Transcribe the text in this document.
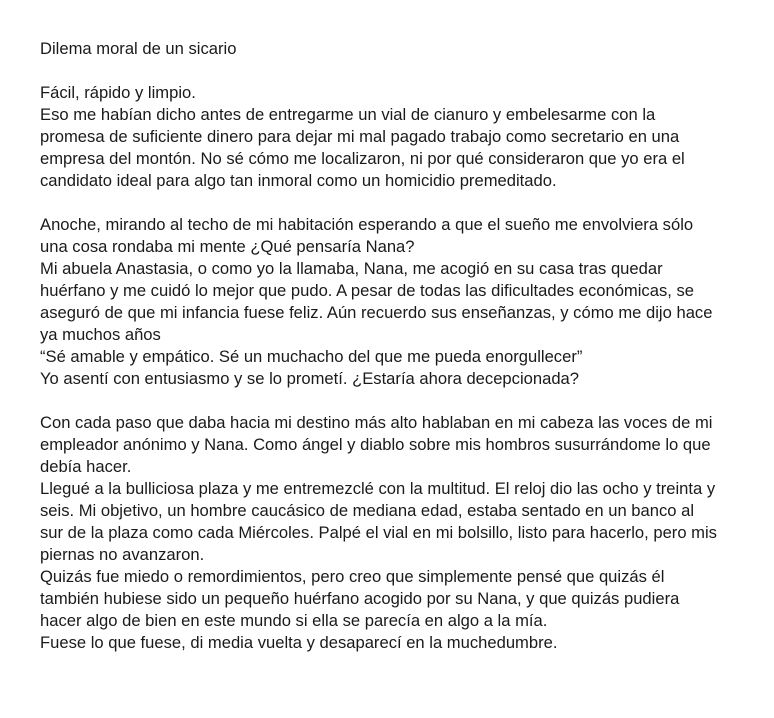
Dilema moral de un sicario

Fácil, rápido y limpio.

Eso me habían dicho antes de entregarme un vial de cianuro y embelesarme con la

promesa de suficiente dinero para dejar mi mal pagado trabajo como secretario en una

empresa del montón. No sé cómo me localizaron, ni por qué consideraron que yo era el

candidato ideal para algo tan inmoral como un homicidio premeditado.

Anoche, mirando al techo de mi habitación esperando a que el sueño me envolviera sólo

una cosa rondaba mi mente ¿Qué pensaría Nana?

Mi abuela Anastasia, o como yo la llamaba, Nana, me acogió en su casa tras quedar

huérfano y me cuidó lo mejor que pudo. A pesar de todas las dificultades económicas, se

aseguró de que mi infancia fuese feliz. Aún recuerdo sus enseñanzas, y cómo me dijo hace

ya muchos años

“Sé amable y empático. Sé un muchacho del que me pueda enorgullecer”

Yo asentí con entusiasmo y se lo prometí. ¿Estaría ahora decepcionada?

Con cada paso que daba hacia mi destino más alto hablaban en mi cabeza las voces de mi

empleador anónimo y Nana. Como ángel y diablo sobre mis hombros susurrándome lo que

debía hacer.

Llegué a la bulliciosa plaza y me entremezclé con la multitud. El reloj dio las ocho y treinta y

seis. Mi objetivo, un hombre caucásico de mediana edad, estaba sentado en un banco al

sur de la plaza como cada Miércoles. Palpé el vial en mi bolsillo, listo para hacerlo, pero mis

piernas no avanzaron.

Quizás fue miedo o remordimientos, pero creo que simplemente pensé que quizás él

también hubiese sido un pequeño huérfano acogido por su Nana, y que quizás pudiera

hacer algo de bien en este mundo si ella se parecía en algo a la mía.

Fuese lo que fuese, di media vuelta y desaparecí en la muchedumbre.
